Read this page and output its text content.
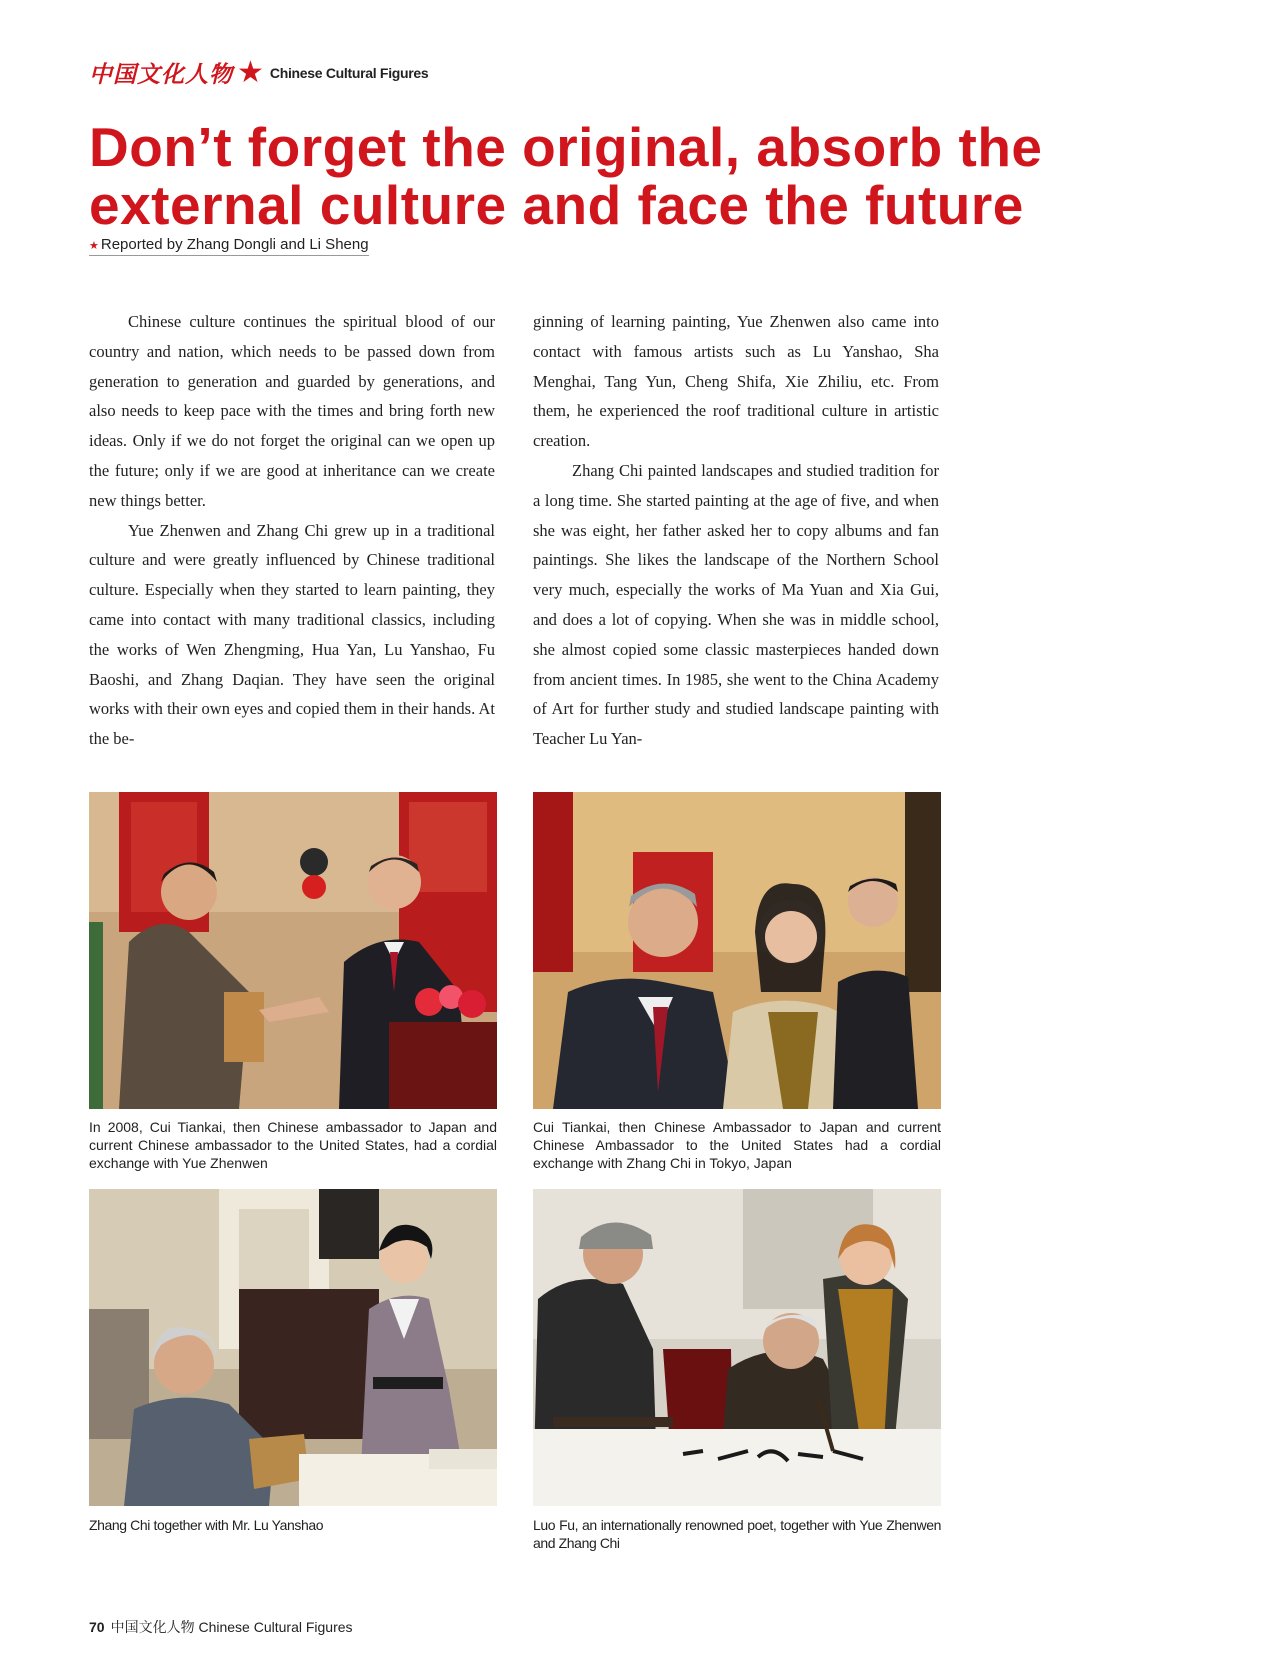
中国文化人物 ★ Chinese Cultural Figures
Don’t forget the original, absorb the
external culture and face the future
★ Reported by Zhang Dongli and Li Sheng

Chinese culture continues the spiritual blood of our country and nation, which needs to be passed down from generation to generation and guarded by generations, and also needs to keep pace with the times and bring forth new ideas. Only if we do not forget the original can we open up the future; only if we are good at inheritance can we create new things better.

Yue Zhenwen and Zhang Chi grew up in a traditional culture and were greatly influenced by Chinese traditional culture. Especially when they started to learn painting, they came into contact with many traditional classics, including the works of Wen Zhengming, Hua Yan, Lu Yanshao, Fu Baoshi, and Zhang Daqian. They have seen the original works with their own eyes and copied them in their hands. At the be-

ginning of learning painting, Yue Zhenwen also came into contact with famous artists such as Lu Yanshao, Sha Menghai, Tang Yun, Cheng Shifa, Xie Zhiliu, etc. From them, he experienced the roof traditional culture in artistic creation.

Zhang Chi painted landscapes and studied tradition for a long time. She started painting at the age of five, and when she was eight, her father asked her to copy albums and fan paintings. She likes the landscape of the Northern School very much, especially the works of Ma Yuan and Xia Gui, and does a lot of copying. When she was in middle school, she almost copied some classic masterpieces handed down from ancient times. In 1985, she went to the China Academy of Art for further study and studied landscape painting with Teacher Lu Yan-

In 2008, Cui Tiankai, then Chinese ambassador to Japan and current Chinese ambassador to the United States, had a cordial exchange with Yue Zhenwen
Cui Tiankai, then Chinese Ambassador to Japan and current Chinese Ambassador to the United States had a cordial exchange with Zhang Chi in Tokyo, Japan
Zhang Chi together with Mr. Lu Yanshao	Luo Fu, an internationally renowned poet, together with Yue Zhenwen and Zhang Chi
70 中国文化人物 Chinese Cultural Figures
